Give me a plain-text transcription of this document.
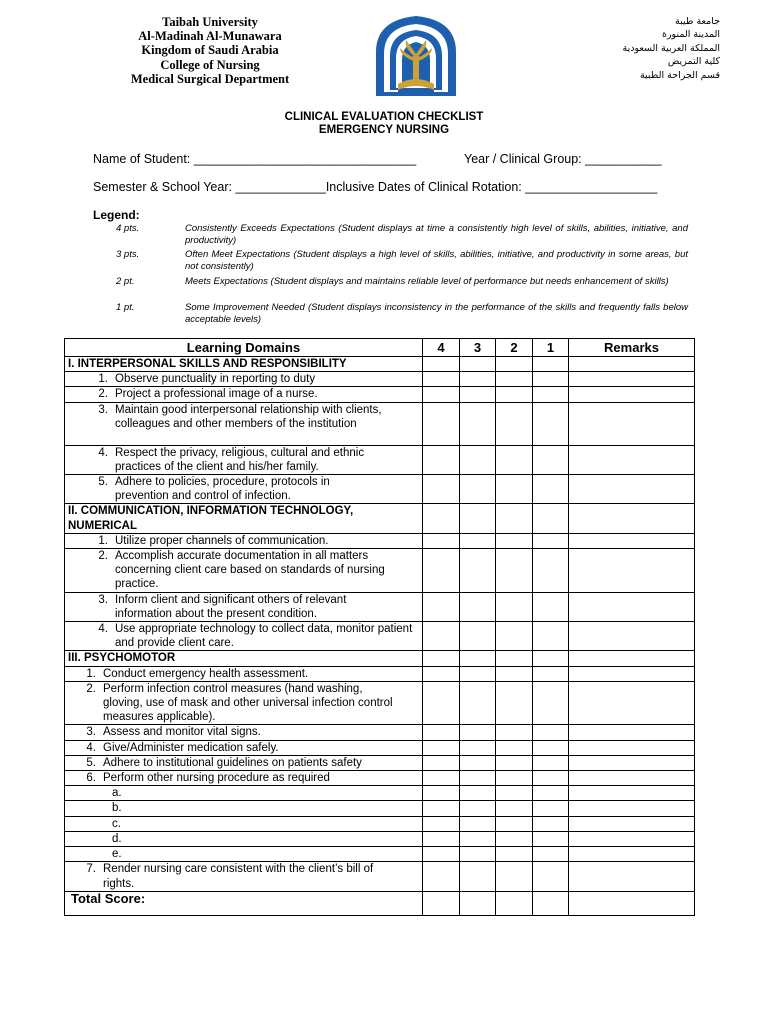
Taibah University
Al-Madinah Al-Munawara
Kingdom of Saudi Arabia
College of Nursing
Medical Surgical Department
جامعة طيبة
المدينة المنورة
المملكة العربية السعودية
كلية التمريض
قسم الجراحة الطبية
CLINICAL EVALUATION CHECKLIST
EMERGENCY NURSING
Name of Student: ________________________________	Year / Clinical Group: ___________
Semester & School Year: _____________Inclusive Dates of Clinical Rotation: ___________________
Legend:
4 pts.	Consistently Exceeds Expectations (Student displays at time a consistently high level of skills, abilities, initiative, and productivity)
3 pts.	Often Meet Expectations (Student displays a high level of skills, abilities, initiative, and productivity in some areas, but not consistently)
2 pt.	Meets Expectations (Student displays and maintains reliable level of performance but needs enhancement of skills)
1 pt.	Some Improvement Needed (Student displays inconsistency in the performance of the skills and frequently falls below acceptable levels)
Learning Domains	4	3	2	1	Remarks
I. INTERPERSONAL SKILLS AND RESPONSIBILITY					

1. Observe punctuality in reporting to duty					

2. Project a professional image of a nurse.					

3. Maintain good interpersonal relationship with clients, colleagues and other members of the institution					

4. Respect the privacy, religious, cultural and ethnic practices of the client and his/her family.					

5. Adhere to policies, procedure, protocols in prevention and control of infection.					

II. COMMUNICATION, INFORMATION TECHNOLOGY, NUMERICAL					

1. Utilize proper channels of communication.					

2. Accomplish accurate documentation in all matters concerning client care based on standards of nursing practice.					

3. Inform client and significant others of relevant information about the present condition.					

4. Use appropriate technology to collect data, monitor patient and provide client care.					

III. PSYCHOMOTOR					

1. Conduct emergency health assessment.					

2. Perform infection control measures (hand washing, gloving, use of mask and other universal infection control measures applicable).					

3. Assess and monitor vital signs.					

4. Give/Administer medication safely.					

5. Adhere to institutional guidelines on patients safety					

6. Perform other nursing procedure as required					

a.					

b.					

c.					

d.					

e.					

7. Render nursing care consistent with the client’s bill of rights.					

Total Score:					
